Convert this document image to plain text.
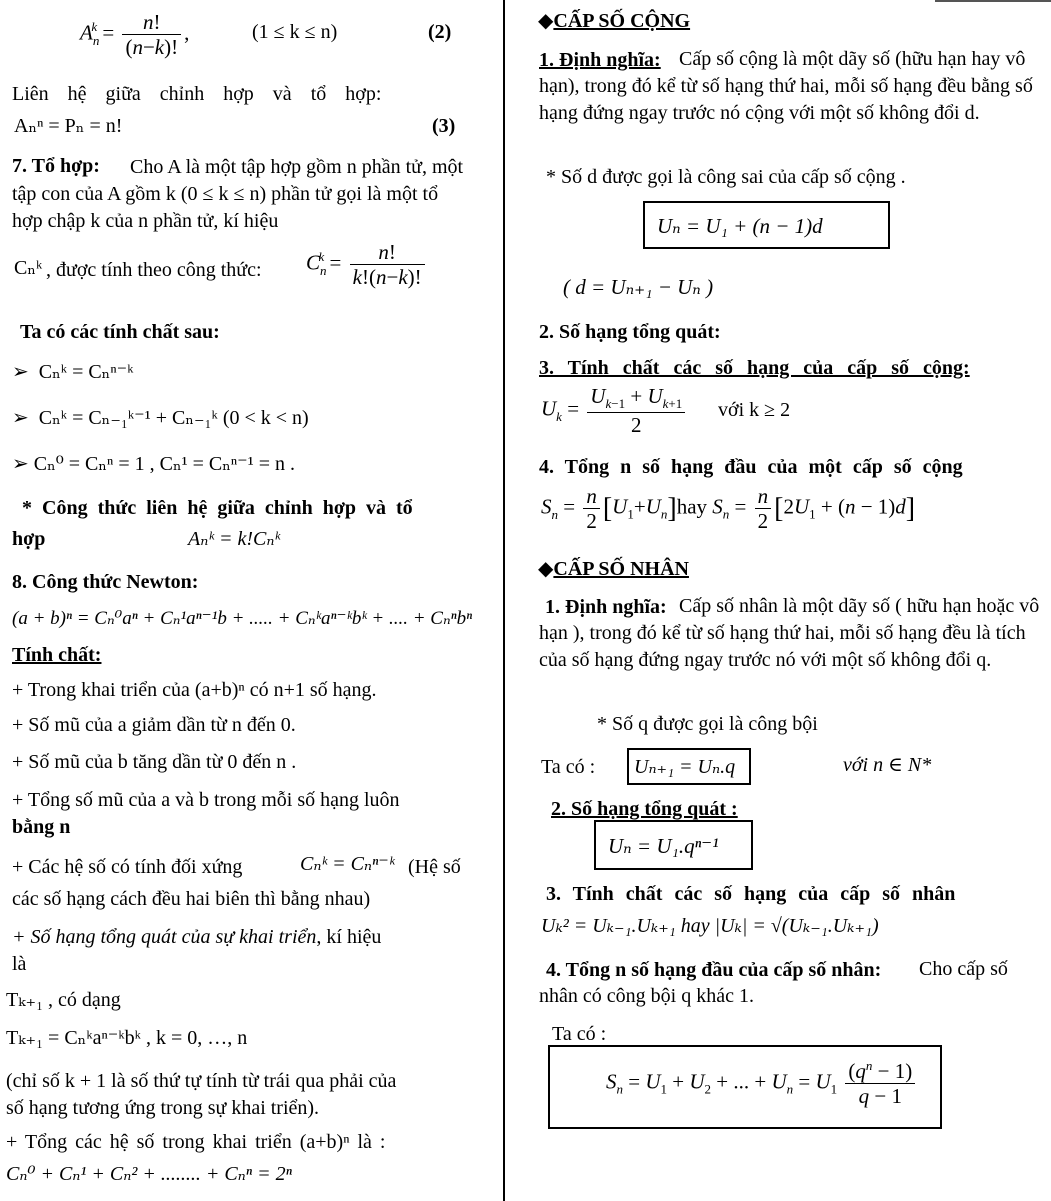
$A_n^k = \frac{n!}{(n-k)!}$ ,	(1 ≤ k ≤ n)	(2)
Liên hệ giữa chỉnh hợp và tổ hợp:
Aₙⁿ = Pₙ = n!	(3)
7. Tổ hợp:	Cho A là một tập hợp gồm n phần tử, một tập con của A gồm k (0 ≤ k ≤ n) phần tử gọi là một tổ hợp chập k của n phần tử, kí hiệu
Cₙᵏ , được tính theo công thức: $C_n^k = \frac{n!}{k!(n-k)!}$
Ta có các tính chất sau:
➢  Cₙᵏ = Cₙⁿ⁻ᵏ
➢  Cₙᵏ = Cₙ₋₁ᵏ⁻¹ + Cₙ₋₁ᵏ (0 < k < n)
➢ Cₙ⁰ = Cₙⁿ = 1 , Cₙ¹ = Cₙⁿ⁻¹ = n .
* Công thức liên hệ giữa chỉnh hợp và tổ
hợp	Aₙᵏ = k!Cₙᵏ
8. Công thức Newton:
(a + b)ⁿ = Cₙ⁰aⁿ + Cₙ¹aⁿ⁻¹b + ..... + Cₙᵏaⁿ⁻ᵏbᵏ + .... + Cₙⁿbⁿ
Tính chất:
+ Trong khai triển của (a+b)ⁿ có n+1 số hạng.
+ Số mũ của a giảm dần từ n đến 0.
+ Số mũ của b tăng dần từ 0 đến n .
+ Tổng số mũ của a và b trong mỗi số hạng luôn
bằng n
+ Các hệ số có tính đối xứng	Cₙᵏ = Cₙⁿ⁻ᵏ (Hệ số
các số hạng cách đều hai biên thì bằng nhau)
+ Số hạng tổng quát của sự khai triển, kí hiệu
là
Tₖ₊₁ , có dạng
Tₖ₊₁ = Cₙᵏaⁿ⁻ᵏbᵏ , k = 0, …, n
(chỉ số k + 1 là số thứ tự tính từ trái qua phải của
số hạng tương ứng trong sự khai triển).
+ Tổng các hệ số trong khai triển (a+b)ⁿ là :
Cₙ⁰ + Cₙ¹ + Cₙ² + ........ + Cₙⁿ = 2ⁿ
◆CẤP SỐ CỘNG
1. Định nghĩa: Cấp số cộng là một dãy số (hữu hạn hay vô hạn), trong đó kể từ số hạng thứ hai, mỗi số hạng đều bằng số hạng đứng ngay trước nó cộng với một số không đổi d.
* Số d được gọi là công sai của cấp số cộng .
Uₙ = U₁ + (n − 1)d
( d = Uₙ₊₁ − Uₙ )
2. Số hạng tổng quát:
3. Tính chất các số hạng của cấp số cộng:
$U_k = \frac{U_{k-1} + U_{k+1}}{2}$ với k ≥ 2
4. Tổng n số hạng đầu của một cấp số cộng
$S_n = \frac{n}{2} [U_1+U_n]hay$ $S_n = \frac{n}{2} [2U_1 + (n - 1)d]$
◆CẤP SỐ NHÂN
1. Định nghĩa: Cấp số nhân là một dãy số ( hữu hạn hoặc vô hạn ), trong đó kể từ số hạng thứ hai, mỗi số hạng đều là tích của số hạng đứng ngay trước nó với một số không đổi q.
* Số q được gọi là công bội
Ta có : Uₙ₊₁ = Uₙ.q	với n ∈ N*
2. Số hạng tổng quát :
Uₙ = U₁.qⁿ⁻¹
3. Tính chất các số hạng của cấp số nhân
Uₖ² = Uₖ₋₁.Uₖ₊₁ hay |Uₖ| = √(Uₖ₋₁.Uₖ₊₁)
4. Tổng n số hạng đầu của cấp số nhân:	Cho cấp số nhân có công bội q khác 1.
Ta có :
$S_n = U_1 + U_2$ + ... + $U_n = U_1 \frac{(q^n - 1)}{q - 1}$
